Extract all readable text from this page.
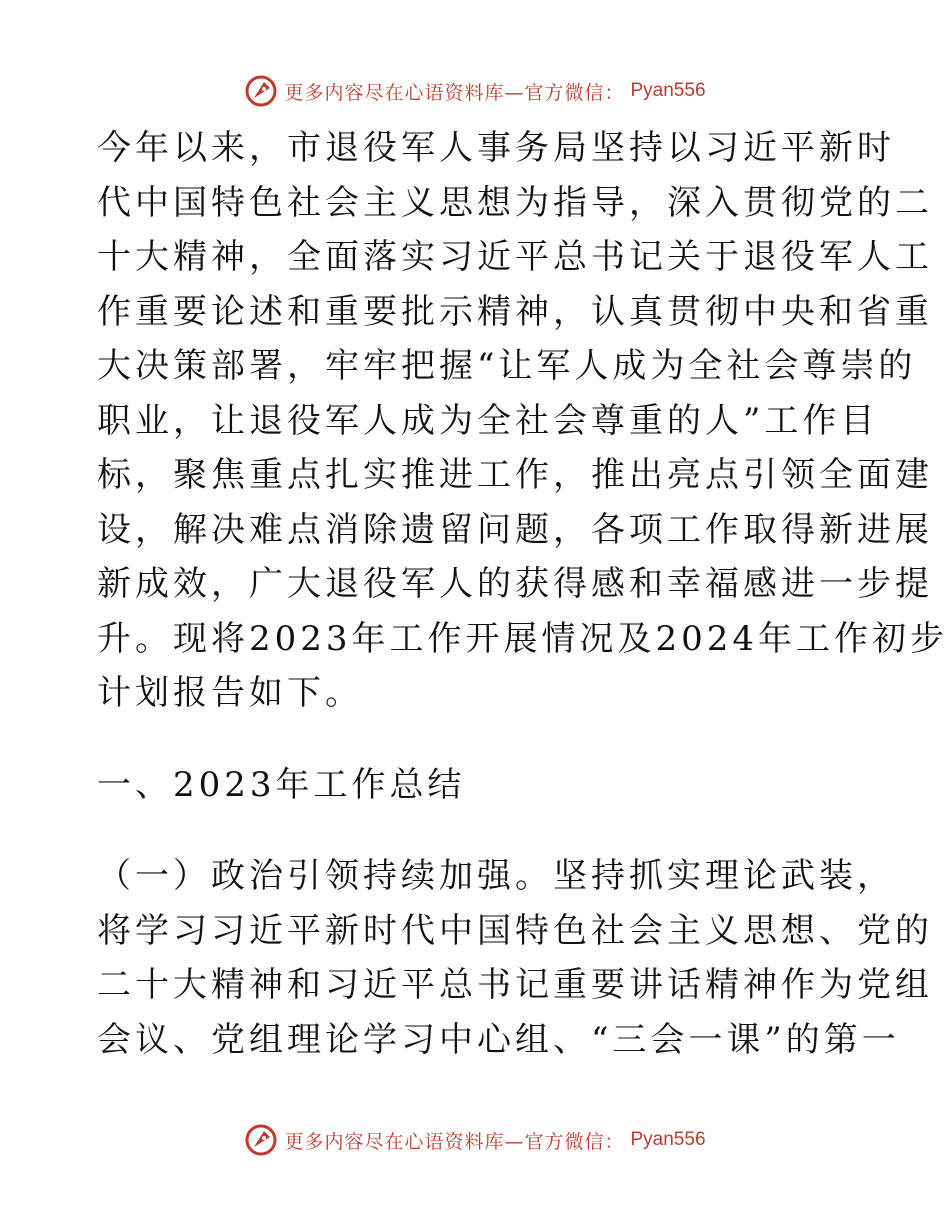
更多内容尽在心语资料库—官方微信： Pyan556
今年以来，市退役军人事务局坚持以习近平新时
代中国特色社会主义思想为指导，深入贯彻党的二
十大精神，全面落实习近平总书记关于退役军人工
作重要论述和重要批示精神，认真贯彻中央和省重
大决策部署，牢牢把握“让军人成为全社会尊崇的
职业，让退役军人成为全社会尊重的人”工作目
标，聚焦重点扎实推进工作，推出亮点引领全面建
设，解决难点消除遗留问题，各项工作取得新进展
新成效，广大退役军人的获得感和幸福感进一步提
升。现将2023年工作开展情况及2024年工作初步
计划报告如下。
一、2023年工作总结
（一）政治引领持续加强。坚持抓实理论武装，
将学习习近平新时代中国特色社会主义思想、党的
二十大精神和习近平总书记重要讲话精神作为党组
会议、党组理论学习中心组、“三会一课”的第一
更多内容尽在心语资料库—官方微信： Pyan556
